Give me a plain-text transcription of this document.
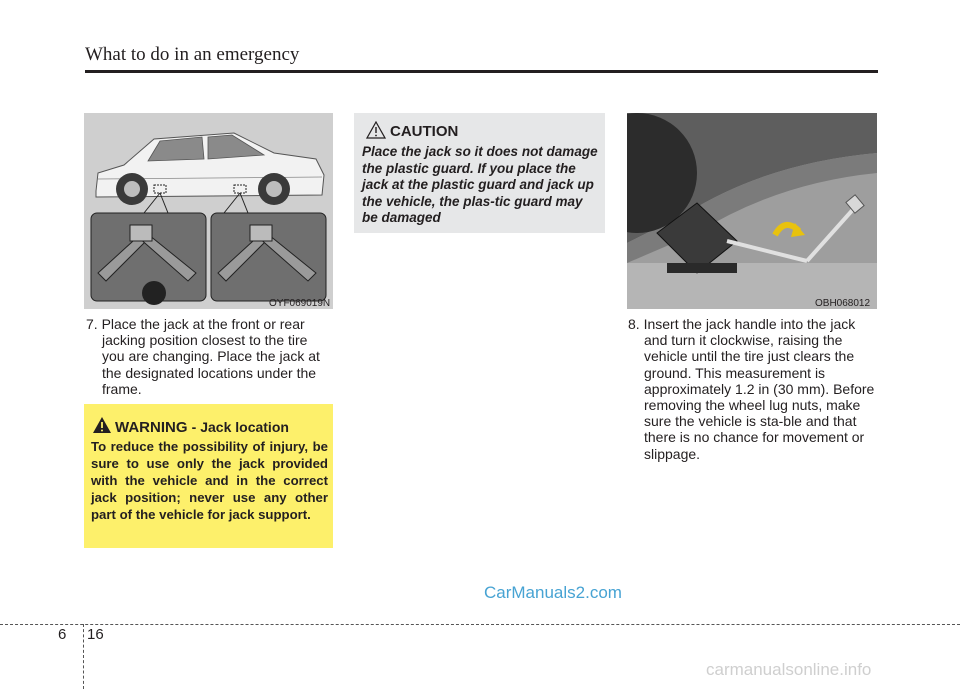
What to do in an emergency
OYF069019N

7. Place the jack at the front or rear jacking position closest to the tire you are changing. Place the jack at the designated locations under the frame.

CAUTION
Place the jack so it does not damage the plastic guard. If you place the jack at the plastic guard and jack up the vehicle, the plas-tic guard may be damaged
WARNING - Jack location
To reduce the possibility of injury, be sure to use only the jack provided with the vehicle and in the correct jack position; never use any other part of the vehicle for jack support.
OBH068012

8. Insert the jack handle into the jack and turn it clockwise, raising the vehicle until the tire just clears the ground. This measurement is approximately 1.2 in (30 mm). Before removing the wheel lug nuts, make sure the vehicle is sta-ble and that there is no chance for movement or slippage.

CarManuals2.com
6 16
carmanualsonline.info
